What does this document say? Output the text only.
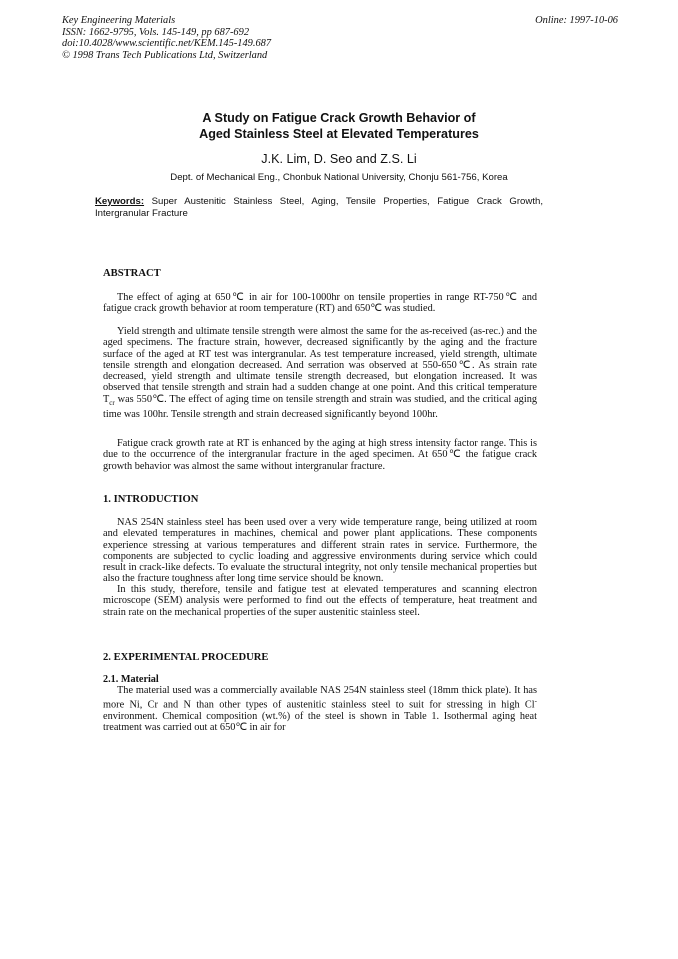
Key Engineering Materials
ISSN: 1662-9795, Vols. 145-149, pp 687-692
doi:10.4028/www.scientific.net/KEM.145-149.687
© 1998 Trans Tech Publications Ltd, Switzerland
Online: 1997-10-06
A Study on Fatigue Crack Growth Behavior of
Aged Stainless Steel at Elevated Temperatures
J.K. Lim, D. Seo and Z.S. Li
Dept. of Mechanical Eng., Chonbuk National University, Chonju 561-756, Korea
Keywords: Super Austenitic Stainless Steel, Aging, Tensile Properties, Fatigue Crack Growth, Intergranular Fracture
ABSTRACT

The effect of aging at 650℃ in air for 100-1000hr on tensile properties in range RT-750℃ and fatigue crack growth behavior at room temperature (RT) and 650℃ was studied.

Yield strength and ultimate tensile strength were almost the same for the as-received (as-rec.) and the aged specimens. The fracture strain, however, decreased significantly by the aging and the fracture surface of the aged at RT test was intergranular. As test temperature increased, yield strength, ultimate tensile strength and elongation decreased. And serration was observed at 550-650℃. As strain rate decreased, yield strength and ultimate tensile strength decreased, but elongation increased. It was observed that tensile strength and strain had a sudden change at one point. And this critical temperature $T_{cr}$ was 550℃. The effect of aging time on tensile strength and strain was studied, and the critical aging time was 100hr. Tensile strength and strain decreased significantly beyond 100hr.

Fatigue crack growth rate at RT is enhanced by the aging at high stress intensity factor range. This is due to the occurrence of the intergranular fracture in the aged specimen. At 650℃ the fatigue crack growth behavior was almost the same without intergranular fracture.

1. INTRODUCTION

NAS 254N stainless steel has been used over a very wide temperature range, being utilized at room and elevated temperatures in machines, chemical and power plant applications. These components experience stressing at various temperatures and different strain rates in service. Furthermore, the components are subjected to cyclic loading and aggressive environments during service which could result in crack-like defects. To evaluate the structural integrity, not only tensile mechanical properties but also the fracture toughness after long time service should be known.

In this study, therefore, tensile and fatigue test at elevated temperatures and scanning electron microscope (SEM) analysis were performed to find out the effects of temperature, heat treatment and strain rate on the mechanical properties of the super austenitic stainless steel.

2. EXPERIMENTAL PROCEDURE
2.1. Material

The material used was a commercially available NAS 254N stainless steel (18mm thick plate). It has more Ni, Cr and N than other types of austenitic stainless steel to suit for stressing in high Cl- environment. Chemical composition (wt.%) of the steel is shown in Table 1. Isothermal aging heat treatment was carried out at 650℃ in air for
